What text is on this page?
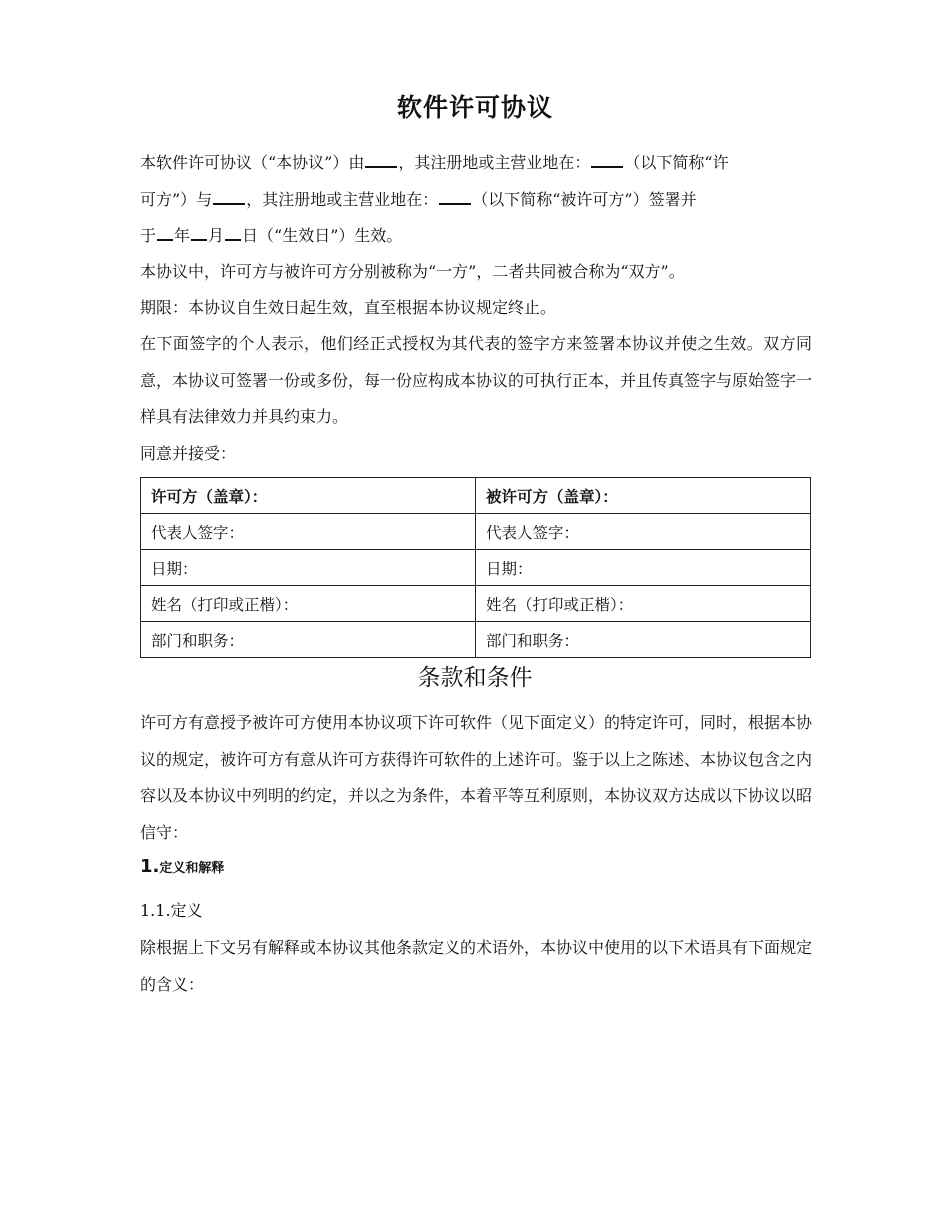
软件许可协议
本软件许可协议（“本协议”）由 ，其注册地或主营业地在： （以下简称“许
可方”）与 ，其注册地或主营业地在： （以下简称“被许可方”）签署并
于 年 月 日（“生效日”）生效。
本协议中，许可方与被许可方分别被称为“一方”，二者共同被合称为“双方”。
期限：本协议自生效日起生效，直至根据本协议规定终止。
在下面签字的个人表示，他们经正式授权为其代表的签字方来签署本协议并使之生效。双方同意，本协议可签署一份或多份，每一份应构成本协议的可执行正本，并且传真签字与原始签字一样具有法律效力并具约束力。
同意并接受：
许可方（盖章）：	被许可方（盖章）：
代表人签字：	代表人签字：
日期：	日期：
姓名（打印或正楷）：	姓名（打印或正楷）：
部门和职务：	部门和职务：
条款和条件
许可方有意授予被许可方使用本协议项下许可软件（见下面定义）的特定许可，同时，根据本协议的规定，被许可方有意从许可方获得许可软件的上述许可。鉴于以上之陈述、本协议包含之内容以及本协议中列明的约定，并以之为条件，本着平等互利原则，本协议双方达成以下协议以昭信守：
1.定义和解释
1.1.定义
除根据上下文另有解释或本协议其他条款定义的术语外，本协议中使用的以下术语具有下面规定的含义：
